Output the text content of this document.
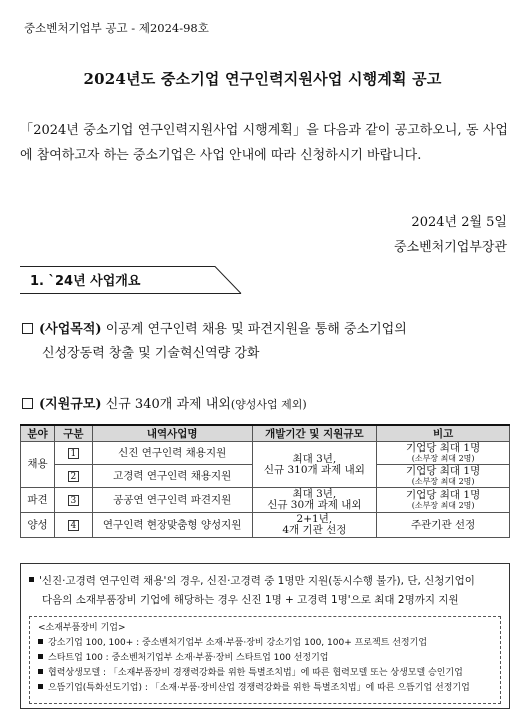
중소벤처기업부 공고 - 제2024-98호
2024년도 중소기업 연구인력지원사업 시행계획 공고
「2024년 중소기업 연구인력지원사업 시행계획」을 다음과 같이 공고하오니, 동 사업에 참여하고자 하는 중소기업은 사업 안내에 따라 신청하시기 바랍니다.
2024년 2월 5일
중소벤처기업부장관
1. `24년 사업개요
(사업목적) 이공계 연구인력 채용 및 파견지원을 통해 중소기업의
신성장동력 창출 및 기술혁신역량 강화
(지원규모) 신규 340개 과제 내외(양성사업 제외)
분야	구분	내역사업명	개발기간 및 지원규모	비고
채용	1	신진 연구인력 채용지원	최대 3년,
신규 310개 과제 내외	기업당 최대 1명
(소부장 최대 2명)

	2	고경력 연구인력 채용지원		기업당 최대 1명
(소부장 최대 2명)

파견	3	공공연 연구인력 파견지원	최대 3년,
신규 30개 과제 내외	기업당 최대 1명
(소부장 최대 2명)

양성	4	연구인력 현장맞춤형 양성지원	2+1년,
4개 기관 선정	주관기관 선정
'신진·고경력 연구인력 채용'의 경우, 신진·고경력 중 1명만 지원(동시수행 불가), 단, 신청기업이
다음의 소재부품장비 기업에 해당하는 경우 신진 1명 + 고경력 1명'으로 최대 2명까지 지원
<소재부품장비 기업>
강소기업 100, 100+ : 중소벤처기업부 소재·부품·장비 강소기업 100, 100+ 프로젝트 선정기업
스타트업 100 : 중소벤처기업부 소재·부품·장비 스타트업 100 선정기업
협력상생모델 : 「소재부품장비 경쟁력강화를 위한 특별조치법」에 따른 협력모델 또는 상생모델 승인기업
으뜸기업(특화선도기업) : 「소재·부품·장비산업 경쟁력강화를 위한 특별조치법」에 따른 으뜸기업 선정기업
